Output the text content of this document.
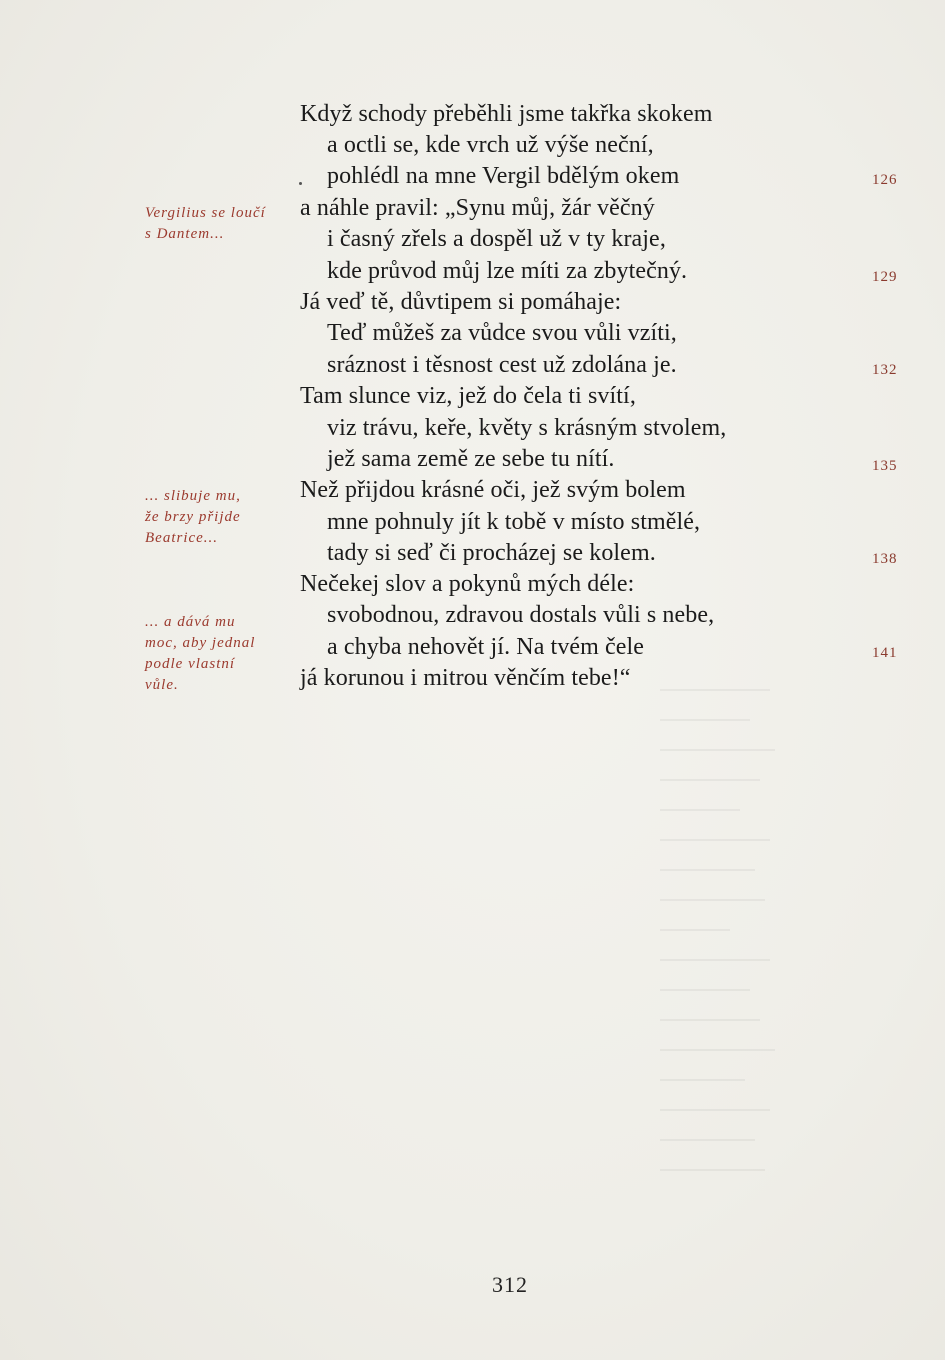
Když schody přeběhli jsme takřka skokem
a octli se, kde vrch už výše neční,
pohlédl na mne Vergil bdělým okem
a náhle pravil: „Synu můj, žár věčný
i časný zřels a dospěl už v ty kraje,
kde průvod můj lze míti za zbytečný.
Já veď tě, důvtipem si pomáhaje:
Teď můžeš za vůdce svou vůli vzíti,
sráznost i těsnost cest už zdolána je.
Tam slunce viz, jež do čela ti svítí,
viz trávu, keře, květy s krásným stvolem,
jež sama země ze sebe tu nítí.
Než přijdou krásné oči, jež svým bolem
mne pohnuly jít k tobě v místo stmělé,
tady si seď či procházej se kolem.
Nečekej slov a pokynů mých déle:
svobodnou, zdravou dostals vůli s nebe,
a chyba nehovět jí. Na tvém čele
já korunou i mitrou věnčím tebe!“
Vergilius se loučí
s Dantem...
... slibuje mu,
že brzy přijde
Beatrice...
... a dává mu
moc, aby jednal
podle vlastní
vůle.
126
129
132
135
138
141
312
